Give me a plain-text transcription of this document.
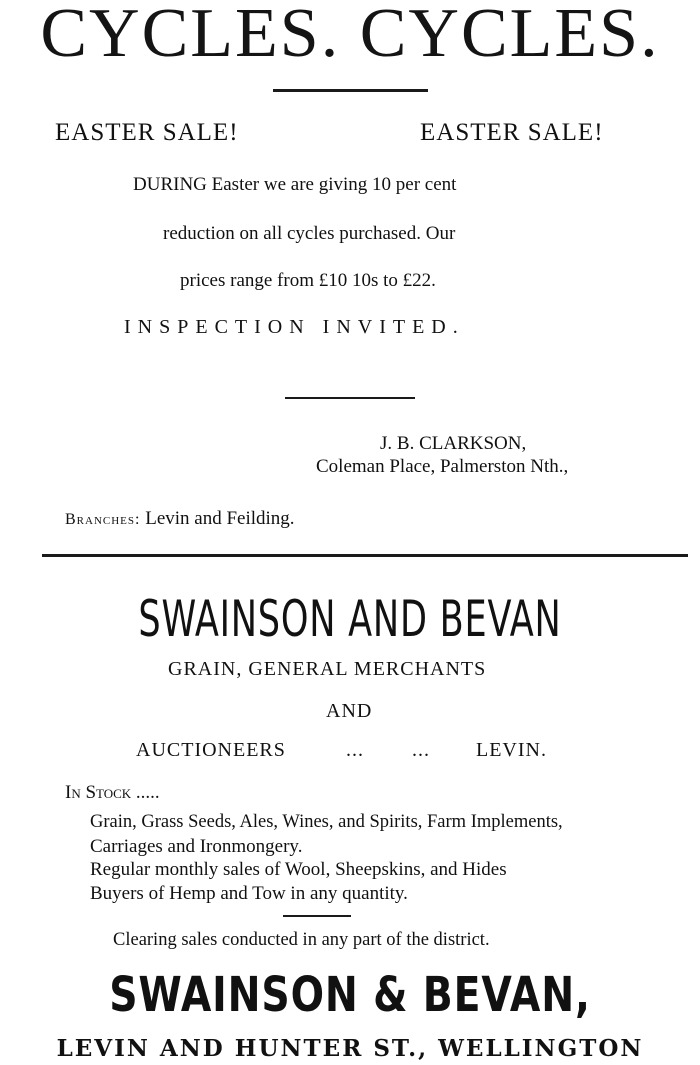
CYCLES. CYCLES.
EASTER SALE!	EASTER SALE!
DURING Easter we are giving 10 per cent
reduction on all cycles purchased. Our
prices range from £10 10s to £22.
INSPECTION INVITED.
J. B. CLARKSON,
Coleman Place, Palmerston Nth.,
Branches: Levin and Feilding.
SWAINSON AND BEVAN
GRAIN, GENERAL MERCHANTS
AND
AUCTIONEERS	... ... LEVIN.
In Stock .....
Grain, Grass Seeds, Ales, Wines, and Spirits, Farm Implements,
Carriages and Ironmongery.
Regular monthly sales of Wool, Sheepskins, and Hides
Buyers of Hemp and Tow in any quantity.
Clearing sales conducted in any part of the district.
SWAINSON & BEVAN,
LEVIN AND HUNTER ST., WELLINGTON
